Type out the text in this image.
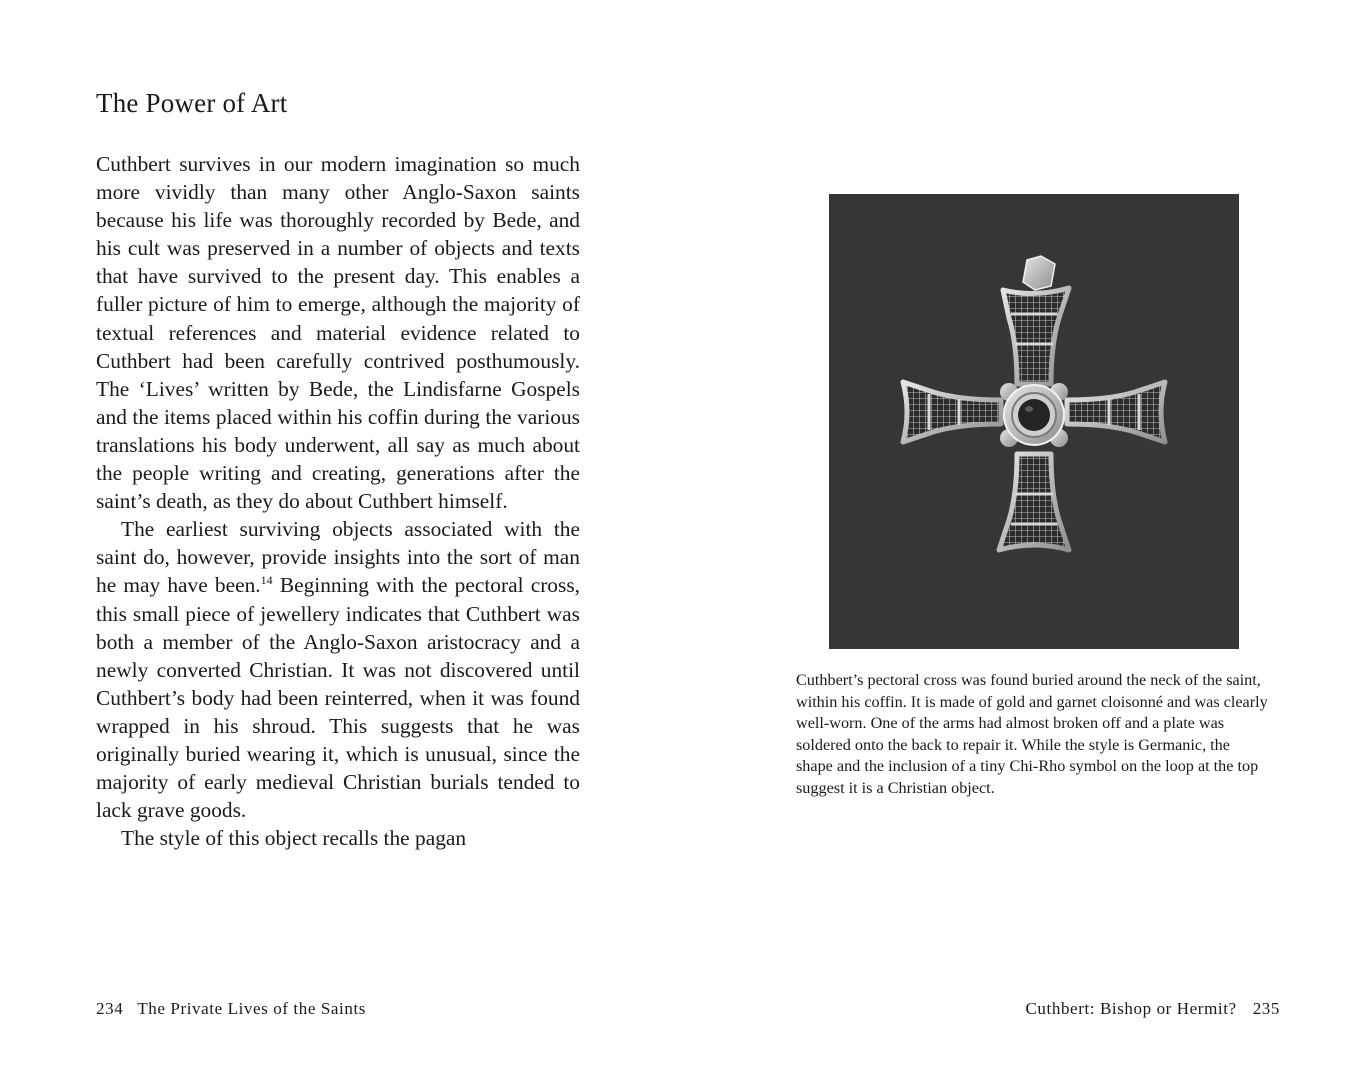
The Power of Art

Cuthbert survives in our modern imagination so much more vividly than many other Anglo-Saxon saints because his life was thoroughly recorded by Bede, and his cult was preserved in a number of objects and texts that have survived to the present day. This enables a fuller picture of him to emerge, although the majority of textual references and material evidence related to Cuthbert had been carefully contrived posthumously. The ‘Lives’ written by Bede, the Lindisfarne Gospels and the items placed within his coffin during the various translations his body underwent, all say as much about the people writing and creating, generations after the saint’s death, as they do about Cuthbert himself.

The earliest surviving objects associated with the saint do, however, provide insights into the sort of man he may have been.$^{14}$ Beginning with the pectoral cross, this small piece of jewellery indicates that Cuthbert was both a member of the Anglo-Saxon aristocracy and a newly converted Christian. It was not discovered until Cuthbert’s body had been reinterred, when it was found wrapped in his shroud. This suggests that he was originally buried wearing it, which is unusual, since the majority of early medieval Christian burials tended to lack grave goods.

The style of this object recalls the pagan

234 The Private Lives of the Saints

Cuthbert’s pectoral cross was found buried around the neck of the saint, within his coffin. It is made of gold and garnet cloisonné and was clearly well-worn. One of the arms had almost broken off and a plate was soldered onto the back to repair it. While the style is Germanic, the shape and the inclusion of a tiny Chi-Rho symbol on the loop at the top suggest it is a Christian object.

Cuthbert: Bishop or Hermit? 235
